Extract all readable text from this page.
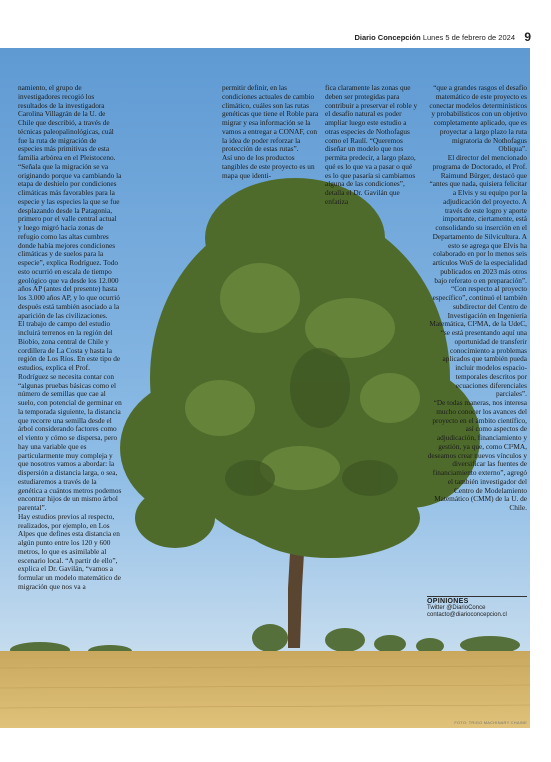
Diario Concepción Lunes 5 de febrero de 2024 9

namiento, el grupo de investigadores recogió los resultados de la investigadora Carolina Villagrán de la U. de Chile que describió, a través de técnicas paleopalinológicas, cuál fue la ruta de migración de especies más primitivas de esta familia arbórea en el Pleistoceno.

“Señala que la migración se va originando porque va cambiando la etapa de deshielo por condiciones climáticas más favorables para la especie y las especies la que se fue desplazando desde la Patagonia, primero por el valle central actual y luego migró hacia zonas de refugio como las altas cumbres donde había mejores condiciones climáticas y de suelos para la especie”, explica Rodríguez. Todo esto ocurrió en escala de tiempo geológico que va desde los 12.000 años AP (antes del presente) hasta los 3.000 años AP, y lo que ocurrió después está también asociado a la aparición de las civilizaciones.

El trabajo de campo del estudio incluirá terrenos en la región del Biobío, zona central de Chile y cordillera de La Costa y hasta la región de Los Ríos. En este tipo de estudios, explica el Prof. Rodríguez se necesita contar con “algunas pruebas básicas como el número de semillas que cae al suelo, con potencial de germinar en la temporada siguiente, la distancia que recorre una semilla desde el árbol considerando factores como el viento y cómo se dispersa, pero hay una variable que es particularmente muy compleja y que nosotros vamos a abordar: la dispersión a distancia larga, o sea, estudiaremos a través de la genética a cuántos metros podemos encontrar hijos de un mismo árbol parental”.

Hay estudios previos al respecto, realizados, por ejemplo, en Los Alpes que defines esta distancia en algún punto entre los 120 y 600 metros, lo que es asimilable al escenario local. “A partir de ello”, explica el Dr. Gavilán, “vamos a formular un modelo matemático de migración que nos va a

permitir definir, en las condiciones actuales de cambio climático, cuáles son las rutas genéticas que tiene el Roble para migrar y esa información se la vamos a entregar a CONAF, con la idea de poder reforzar la protección de estas rutas”.

Así uno de los productos tangibles de este proyecto es un mapa que identi-

fica claramente las zonas que deben ser protegidas para contribuir a preservar el roble y el desafío natural es poder ampliar luego este estudio a otras especies de Nothofagus como el Raulí. “Queremos diseñar un modelo que nos permita predecir, a largo plazo, qué es lo que va a pasar o qué es lo que pasaría si cambiamos alguna de las condiciones”, detalla el Dr. Gavilán que enfatiza

“que a grandes rasgos el desafío matemático de este proyecto es conectar modelos determinísticos y probabilísticos con un objetivo completamente aplicado, que es proyectar a largo plazo la ruta migratoria de Nothofagus Obliqua”.

El director del mencionado programa de Doctorado, el Prof. Raimund Bürger, destacó que “antes que nada, quisiera felicitar a Elvis y su equipo por la adjudicación del proyecto. A través de este logro y aporte importante, ciertamente, está consolidando su inserción en el Departamento de Silvicultura. A esto se agrega que Elvis ha colaborado en por lo menos seis artículos WoS de la especialidad publicados en 2023 más otros bajo referato o en preparación”.

“Con respecto al proyecto específico”, continuó el también subdirector del Centro de Investigación en Ingeniería Matemática, CI²MA, de la UdeC, “se está presentando aquí una oportunidad de transferir conocimiento a problemas aplicados que también pueda incluir modelos espacio-temporales descritos por ecuaciones diferenciales parciales”.

“De todas maneras, nos interesa mucho conocer los avances del proyecto en el ámbito científico, así como aspectos de adjudicación, financiamiento y gestión, ya que, como CI²MA, deseamos crear nuevos vínculos y diversificar las fuentes de financiamiento externo”, agregó el también investigador del Centro de Modelamiento Matemático (CMM) de la U. de Chile.

OPINIONES
Twitter @DiarioConce
contacto@diarioconcepcion.cl
FOTO: TRIGO MACHINARY CHAINE
